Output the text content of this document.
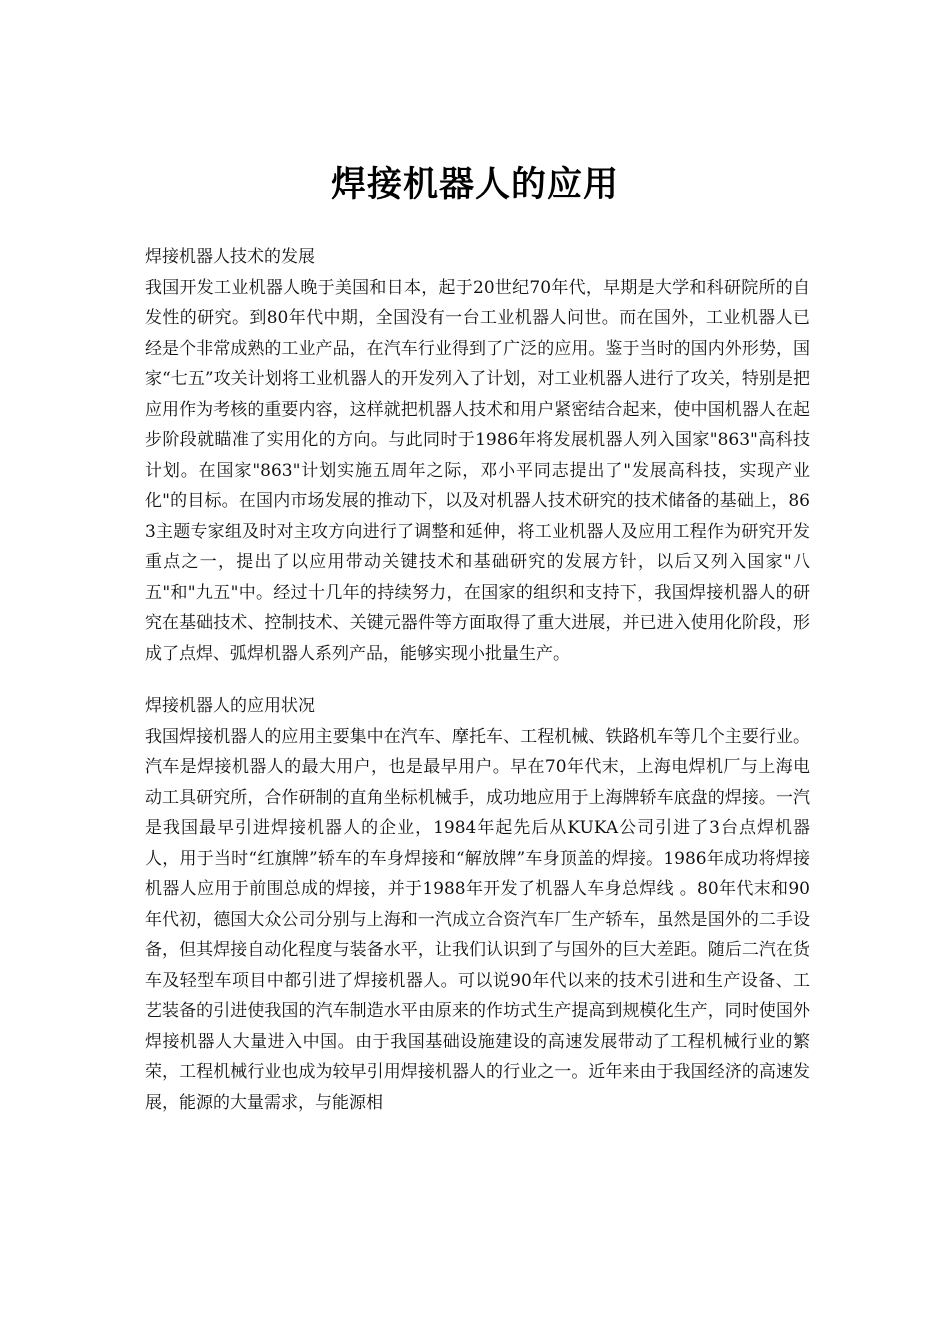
焊接机器人的应用

焊接机器人技术的发展

我国开发工业机器人晚于美国和日本，起于20世纪70年代，早期是大学和科研院所的自发性的研究。到80年代中期，全国没有一台工业机器人问世。而在国外，工业机器人已经是个非常成熟的工业产品，在汽车行业得到了广泛的应用。鉴于当时的国内外形势，国家“七五”攻关计划将工业机器人的开发列入了计划，对工业机器人进行了攻关，特别是把应用作为考核的重要内容，这样就把机器人技术和用户紧密结合起来，使中国机器人在起步阶段就瞄准了实用化的方向。与此同时于1986年将发展机器人列入国家"863"高科技计划。在国家"863"计划实施五周年之际，邓小平同志提出了"发展高科技，实现产业化"的目标。在国内市场发展的推动下，以及对机器人技术研究的技术储备的基础上，863主题专家组及时对主攻方向进行了调整和延伸，将工业机器人及应用工程作为研究开发重点之一，提出了以应用带动关键技术和基础研究的发展方针，以后又列入国家"八五"和"九五"中。经过十几年的持续努力，在国家的组织和支持下，我国焊接机器人的研究在基础技术、控制技术、关键元器件等方面取得了重大进展，并已进入使用化阶段，形成了点焊、弧焊机器人系列产品，能够实现小批量生产。

焊接机器人的应用状况

我国焊接机器人的应用主要集中在汽车、摩托车、工程机械、铁路机车等几个主要行业。汽车是焊接机器人的最大用户，也是最早用户。早在70年代末，上海电焊机厂与上海电动工具研究所，合作研制的直角坐标机械手，成功地应用于上海牌轿车底盘的焊接。一汽是我国最早引进焊接机器人的企业，1984年起先后从KUKA公司引进了3台点焊机器人，用于当时“红旗牌”轿车的车身焊接和“解放牌”车身顶盖的焊接。1986年成功将焊接机器人应用于前围总成的焊接，并于1988年开发了机器人车身总焊线 。80年代末和90年代初，德国大众公司分别与上海和一汽成立合资汽车厂生产轿车，虽然是国外的二手设备，但其焊接自动化程度与装备水平，让我们认识到了与国外的巨大差距。随后二汽在货车及轻型车项目中都引进了焊接机器人。可以说90年代以来的技术引进和生产设备、工艺装备的引进使我国的汽车制造水平由原来的作坊式生产提高到规模化生产，同时使国外焊接机器人大量进入中国。由于我国基础设施建设的高速发展带动了工程机械行业的繁荣，工程机械行业也成为较早引用焊接机器人的行业之一。近年来由于我国经济的高速发展，能源的大量需求，与能源相
